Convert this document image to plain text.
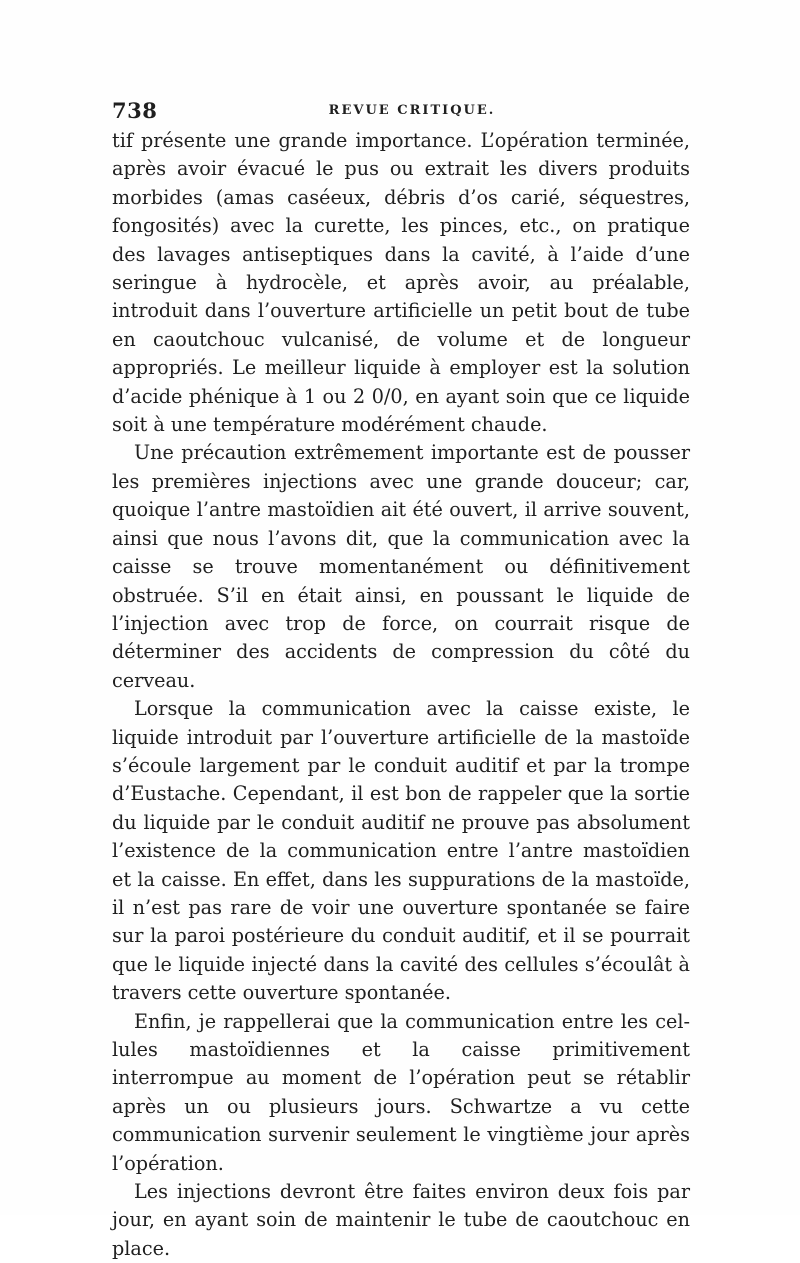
738	REVUE CRITIQUE.

tif présente une grande importance. L’opération terminée, après avoir évacué le pus ou extrait les divers produits morbides (amas caséeux, débris d’os carié, séquestres, fongosités) avec la curette, les pinces, etc., on pratique des lavages antiseptiques dans la cavité, à l’aide d’une seringue à hydrocèle, et après avoir, au préalable, introduit dans l’ouverture artificielle un petit bout de tube en caoutchouc vulcanisé, de volume et de longueur appropriés. Le meilleur liquide à employer est la solution d’acide phénique à 1 ou 2 0/0, en ayant soin que ce liquide soit à une température modérément chaude.

Une précaution extrêmement importante est de pousser les premières injections avec une grande douceur; car, quoique l’antre mastoïdien ait été ouvert, il arrive souvent, ainsi que nous l’avons dit, que la communication avec la caisse se trouve momentanément ou définitivement obstruée. S’il en était ainsi, en poussant le liquide de l’injection avec trop de force, on courrait risque de déterminer des accidents de compression du côté du cerveau.

Lorsque la communication avec la caisse existe, le liquide introduit par l’ouverture artificielle de la mastoïde s’écoule largement par le conduit auditif et par la trompe d’Eustache. Cependant, il est bon de rappeler que la sortie du liquide par le conduit auditif ne prouve pas absolument l’existence de la communication entre l’antre mastoïdien et la caisse. En effet, dans les suppurations de la mastoïde, il n’est pas rare de voir une ouverture spontanée se faire sur la paroi postérieure du conduit auditif, et il se pourrait que le liquide injecté dans la cavité des cellules s’écoulât à travers cette ouverture spontanée.

Enfin, je rappellerai que la communication entre les cellules mastoïdiennes et la caisse primitivement interrompue au moment de l’opération peut se rétablir après un ou plusieurs jours. Schwartze a vu cette communication survenir seulement le vingtième jour après l’opération.

Les injections devront être faites environ deux fois par jour, en ayant soin de maintenir le tube de caoutchouc en place.
